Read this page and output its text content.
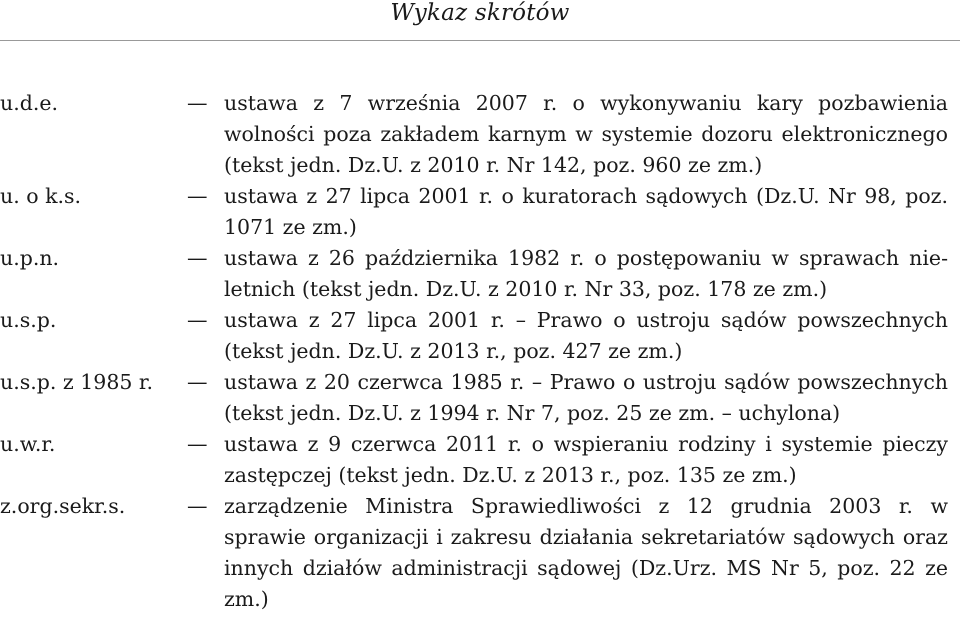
Wykaz skrótów
u.d.e.	— ustawa z 7 września 2007 r. o wykonywaniu kary pozbawienia wolności poza zakładem karnym w systemie dozoru elektronicznego (tekst jedn. Dz.U. z 2010 r. Nr 142, poz. 960 ze zm.)
u. o k.s.	— ustawa z 27 lipca 2001 r. o kuratorach sądowych (Dz.U. Nr 98, poz. 1071 ze zm.)
u.p.n.	— ustawa z 26 października 1982 r. o postępowaniu w sprawach nieletnich (tekst jedn. Dz.U. z 2010 r. Nr 33, poz. 178 ze zm.)
u.s.p.	— ustawa z 27 lipca 2001 r. – Prawo o ustroju sądów powszechnych (tekst jedn. Dz.U. z 2013 r., poz. 427 ze zm.)
u.s.p. z 1985 r. — ustawa z 20 czerwca 1985 r. – Prawo o ustroju sądów powszechnych (tekst jedn. Dz.U. z 1994 r. Nr 7, poz. 25 ze zm. – uchylona)
u.w.r.	— ustawa z 9 czerwca 2011 r. o wspieraniu rodziny i systemie pieczy zastępczej (tekst jedn. Dz.U. z 2013 r., poz. 135 ze zm.)
z.org.sekr.s.	— zarządzenie Ministra Sprawiedliwości z 12 grudnia 2003 r. w sprawie organizacji i zakresu działania sekretariatów sądowych oraz innych działów administracji sądowej (Dz.Urz. MS Nr 5, poz. 22 ze zm.)
